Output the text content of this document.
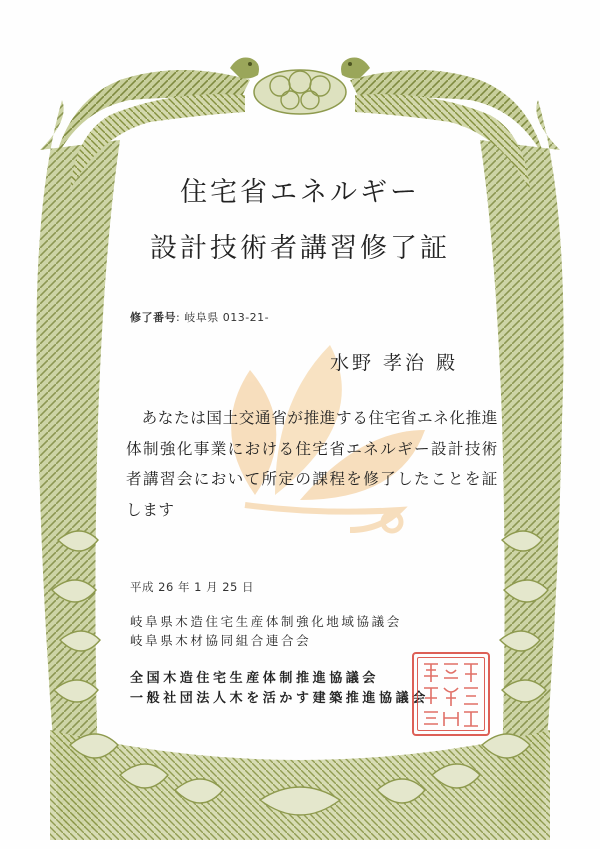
住宅省エネルギー
設計技術者講習修了証
修了番号: 岐阜県 013-21-
水野 孝治 殿
あなたは国土交通省が推進する住宅省エネ化推進体制強化事業における住宅省エネルギー設計技術者講習会において所定の課程を修了したことを証します
平成 26 年 1 月 25 日
岐阜県木造住宅生産体制強化地域協議会
岐阜県木材協同組合連合会
全国木造住宅生産体制推進協議会
一般社団法人木を活かす建築推進協議会
